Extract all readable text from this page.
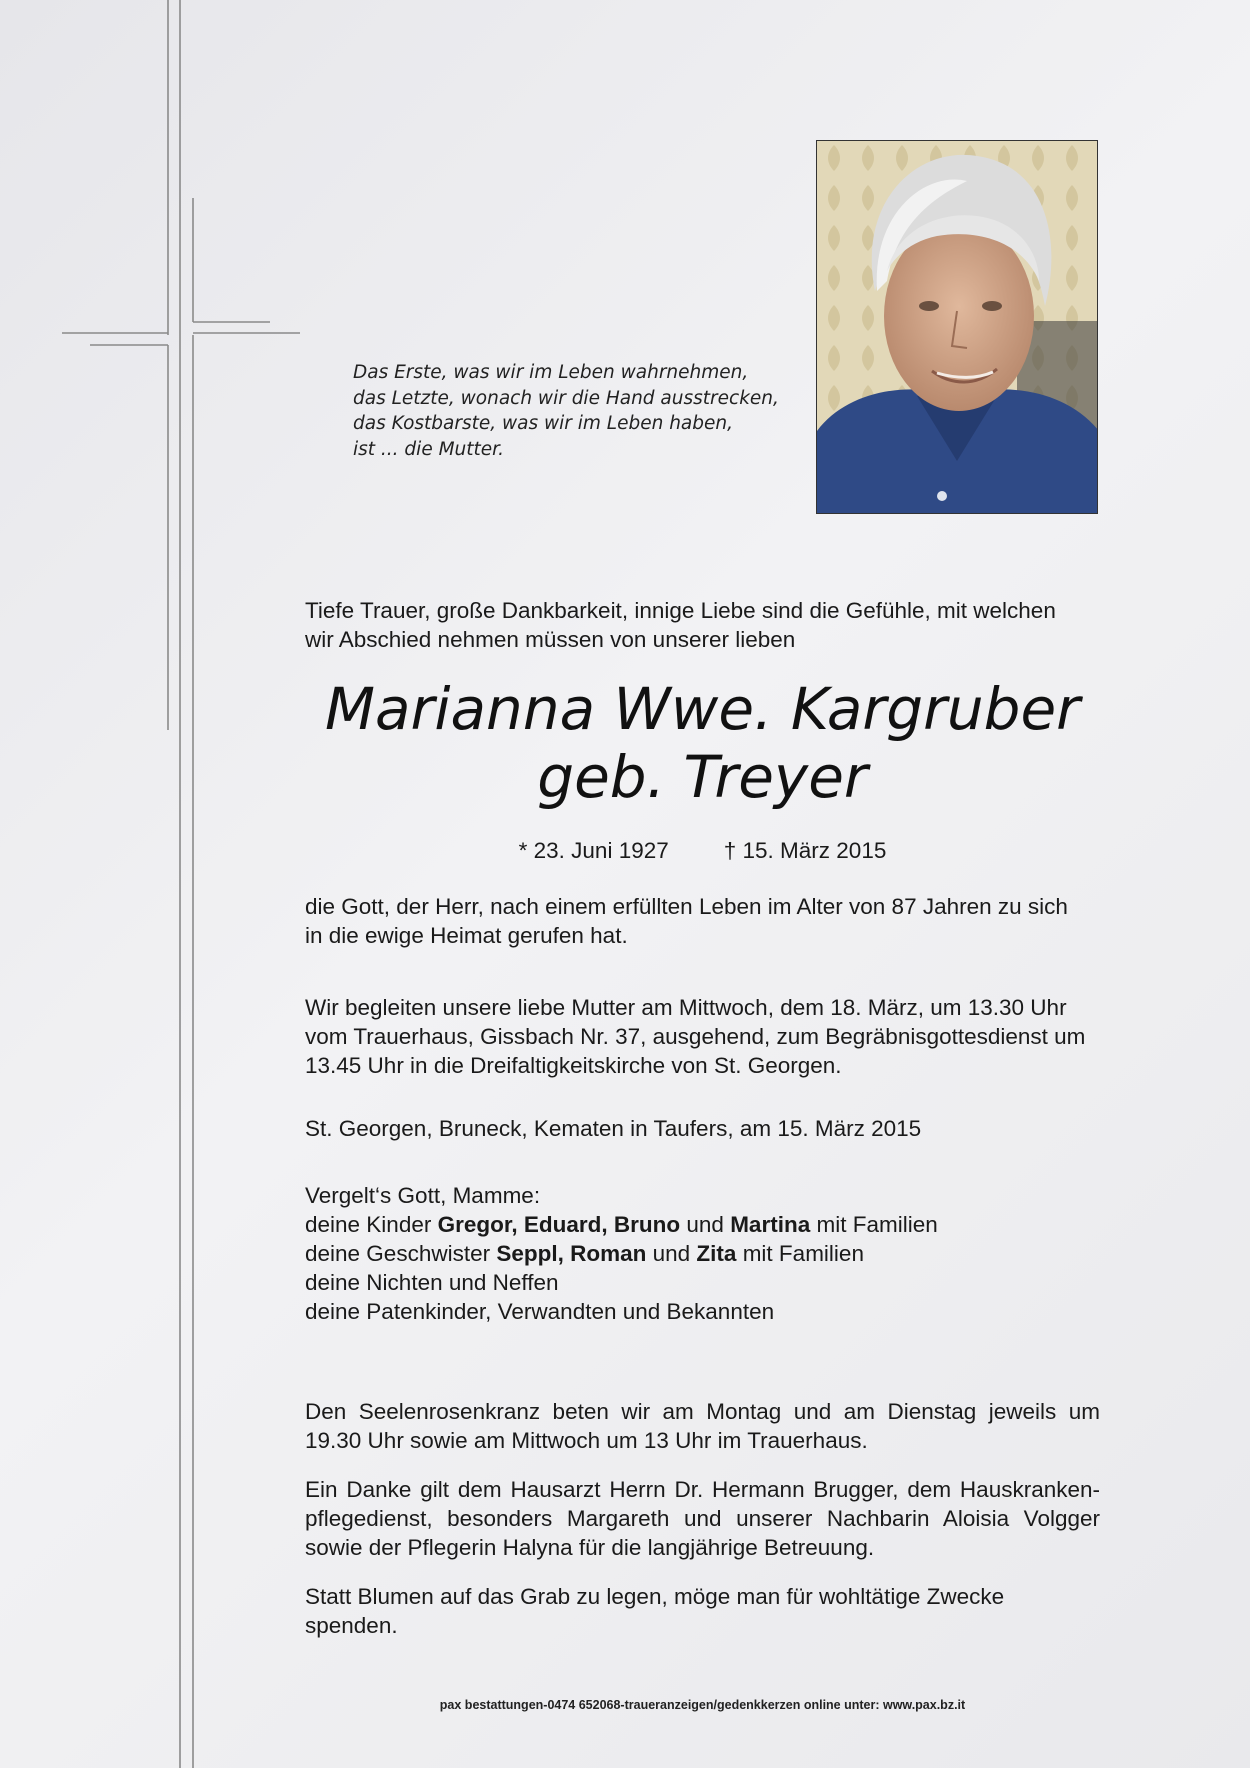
Das Erste, was wir im Leben wahrnehmen,
das Letzte, wonach wir die Hand ausstrecken,
das Kostbarste, was wir im Leben haben,
ist ... die Mutter.

Tiefe Trauer, große Dankbarkeit, innige Liebe sind die Gefühle, mit welchen

wir Abschied nehmen müssen von unserer lieben

Marianna Wwe. Kargruber
geb. Treyer
* 23. Juni 1927 † 15. März 2015

die Gott, der Herr, nach einem erfüllten Leben im Alter von 87 Jahren zu sich

in die ewige Heimat gerufen hat.

Wir begleiten unsere liebe Mutter am Mittwoch, dem 18. März, um 13.30 Uhr

vom Trauerhaus, Gissbach Nr. 37, ausgehend, zum Begräbnisgottesdienst um

13.45 Uhr in die Dreifaltigkeitskirche von St. Georgen.

St. Georgen, Bruneck, Kematen in Taufers, am 15. März 2015

Vergelt‘s Gott, Mamme:

deine Kinder Gregor, Eduard, Bruno und Martina mit Familien

deine Geschwister Seppl, Roman und Zita mit Familien

deine Nichten und Neffen

deine Patenkinder, Verwandten und Bekannten

Den Seelenrosenkranz beten wir am Montag und am Dienstag jeweils um

19.30 Uhr sowie am Mittwoch um 13 Uhr im Trauerhaus.

Ein Danke gilt dem Hausarzt Herrn Dr. Hermann Brugger, dem Hauskranken-

pflegedienst, besonders Margareth und unserer Nachbarin Aloisia Volgger

sowie der Pflegerin Halyna für die langjährige Betreuung.

Statt Blumen auf das Grab zu legen, möge man für wohltätige Zwecke spenden.
pax bestattungen-0474 652068-traueranzeigen/gedenkkerzen online unter: www.pax.bz.it
